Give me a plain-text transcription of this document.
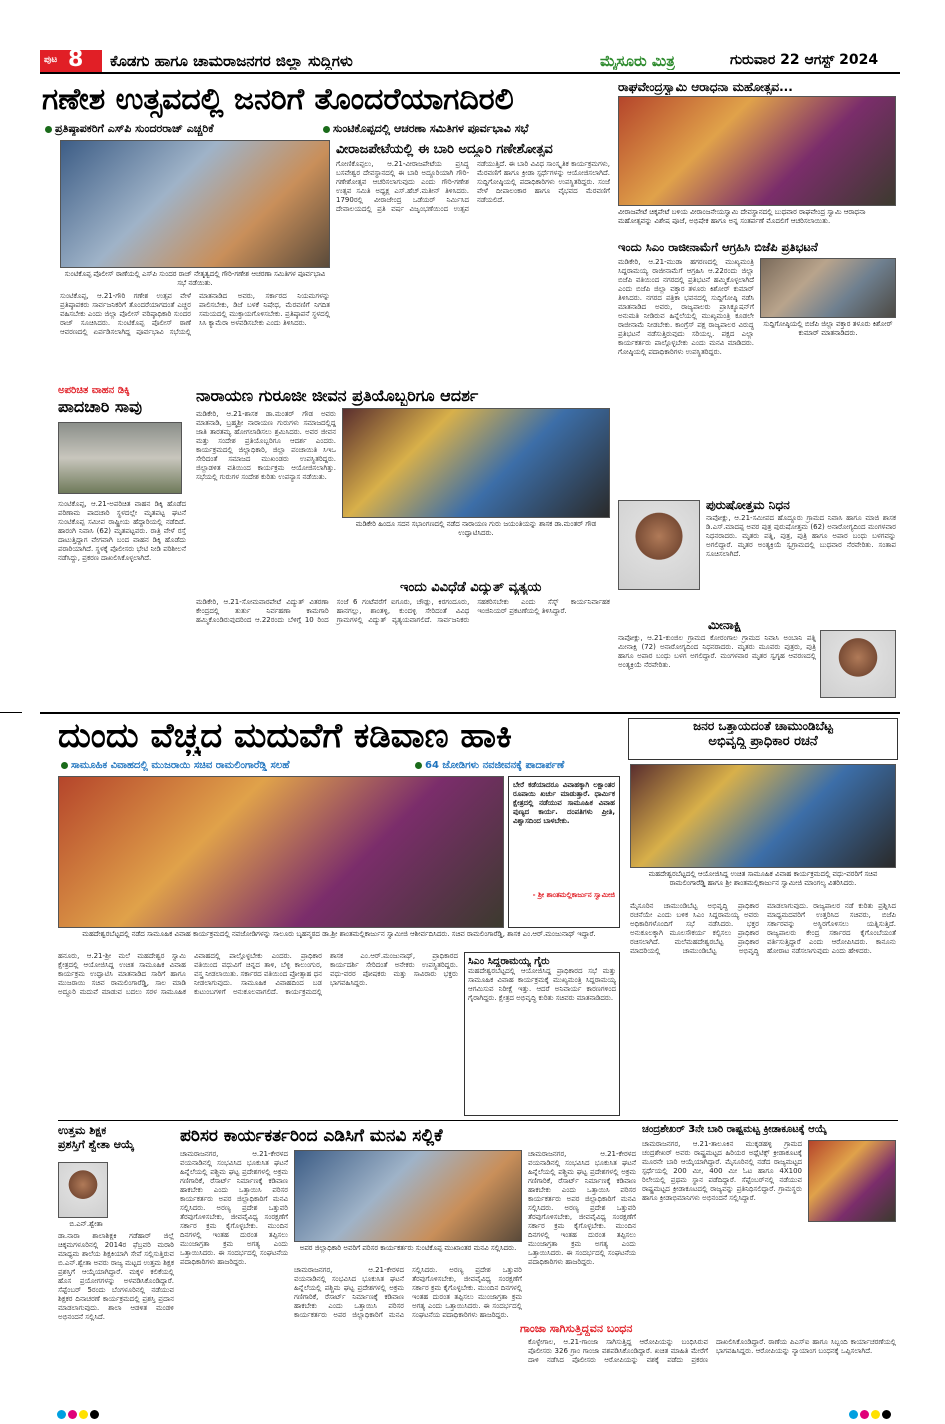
ಪುಟ 8 ಕೊಡಗು ಹಾಗೂ ಚಾಮರಾಜನಗರ ಜಿಲ್ಲಾ ಸುದ್ದಿಗಳು	ಮೈಸೂರು ಮಿತ್ರ	ಗುರುವಾರ 22 ಆಗಸ್ಟ್ 2024
ಗಣೇಶ ಉತ್ಸವದಲ್ಲಿ ಜನರಿಗೆ ತೊಂದರೆಯಾಗದಿರಲಿ
ಪ್ರತಿಷ್ಠಾಪಕರಿಗೆ ಎಸ್‌ಪಿ ಸುಂದರರಾಜ್ ಎಚ್ಚರಿಕೆ	ಸುಂಟಿಕೊಪ್ಪದಲ್ಲಿ ಆಚರಣಾ ಸಮಿತಿಗಳ ಪೂರ್ವಭಾವಿ ಸಭೆ
ಸುಂಟಿಕೊಪ್ಪ ಪೊಲೀಸ್ ಠಾಣೆಯಲ್ಲಿ ಎಸ್‌ಪಿ ಸುಂದರ ರಾಜ್ ನೇತೃತ್ವದಲ್ಲಿ ಗೌರಿ-ಗಣೇಶ ಆಚರಣಾ ಸಮಿತಿಗಳ ಪೂರ್ವಭಾವಿ ಸಭೆ ನಡೆಯಿತು.
ಸುಂಟಿಕೊಪ್ಪ, ಆ.21-ಗೌರಿ ಗಣೇಶ ಉತ್ಸವ ವೇಳೆ ಪ್ರತಿಷ್ಠಾಪಕರು ಸಾರ್ವಜನಿಕರಿಗೆ ತೊಂದರೆಯಾಗದಂತೆ ಎಚ್ಚರ ವಹಿಸಬೇಕು ಎಂದು ಜಿಲ್ಲಾ ಪೊಲೀಸ್ ವರಿಷ್ಠಾಧಿಕಾರಿ ಸುಂದರ ರಾಜ್ ಸೂಚಿಸಿದರು. ಸುಂಟಿಕೊಪ್ಪ ಪೊಲೀಸ್ ಠಾಣೆ ಆವರಣದಲ್ಲಿ ಏರ್ಪಡಿಸಲಾಗಿದ್ದ ಪೂರ್ವಭಾವಿ ಸಭೆಯಲ್ಲಿ ಮಾತನಾಡಿದ ಅವರು, ಸರ್ಕಾರದ ನಿಯಮಗಳನ್ನು ಪಾಲಿಸಬೇಕು, ಡಿಜೆ ಬಳಕೆ ನಿಷೇಧ, ಮೆರವಣಿಗೆ ನಿಗದಿತ ಸಮಯದಲ್ಲಿ ಮುಕ್ತಾಯಗೊಳಿಸಬೇಕು. ಪ್ರತಿಷ್ಠಾಪನೆ ಸ್ಥಳದಲ್ಲಿ ಸಿಸಿ ಕ್ಯಾಮೆರಾ ಅಳವಡಿಸಬೇಕು ಎಂದು ತಿಳಿಸಿದರು.
ವೀರಾಜಪೇಟೆಯಲ್ಲಿ ಈ ಬಾರಿ ಅದ್ದೂರಿ ಗಣೇಶೋತ್ಸವ
ಗೋಣಿಕೊಪ್ಪಲು, ಆ.21-ವೀರಾಜಪೇಟೆಯ ಪ್ರಸಿದ್ಧ ಬಸವೇಶ್ವರ ದೇವಸ್ಥಾನದಲ್ಲಿ ಈ ಬಾರಿ ಅದ್ದೂರಿಯಾಗಿ ಗೌರಿ-ಗಣೇಶೋತ್ಸವ ಆಚರಿಸಲಾಗುವುದು ಎಂದು ಗೌರಿ-ಗಣೇಶ ಉತ್ಸವ ಸಮಿತಿ ಅಧ್ಯಕ್ಷ ಎಸ್.ಹೆಚ್.ಮತೀನ್ ತಿಳಿಸಿದರು. 1790ರಲ್ಲಿ ವೀರಾಜೇಂದ್ರ ಒಡೆಯರ್ ನಿರ್ಮಿಸಿದ ದೇವಾಲಯದಲ್ಲಿ ಪ್ರತಿ ವರ್ಷ ವಿಜೃಂಭಣೆಯಿಂದ ಉತ್ಸವ ನಡೆಯುತ್ತಿದೆ. ಈ ಬಾರಿ ವಿವಿಧ ಸಾಂಸ್ಕೃತಿಕ ಕಾರ್ಯಕ್ರಮಗಳು, ಮೆರವಣಿಗೆ ಹಾಗೂ ಕ್ರೀಡಾ ಸ್ಪರ್ಧೆಗಳನ್ನು ಆಯೋಜಿಸಲಾಗಿದೆ. ಸುದ್ದಿಗೋಷ್ಠಿಯಲ್ಲಿ ಪದಾಧಿಕಾರಿಗಳು ಉಪಸ್ಥಿತರಿದ್ದರು. ಸಂಜೆ ವೇಳೆ ದೀಪಾಲಂಕಾರ ಹಾಗೂ ವೈಭವದ ಮೆರವಣಿಗೆ ನಡೆಯಲಿದೆ.
ರಾಘವೇಂದ್ರಸ್ವಾಮಿ ಆರಾಧನಾ ಮಹೋತ್ಸವ...
ವೀರಾಜಪೇಟೆ ಚಿಕ್ಕಪೇಟೆ ಬಳಿಯ ವೀರಾಂಜನೇಯಸ್ವಾಮಿ ದೇವಸ್ಥಾನದಲ್ಲಿ ಬುಧವಾರ ರಾಘವೇಂದ್ರ ಸ್ವಾಮಿ ಆರಾಧನಾ ಮಹೋತ್ಸವನ್ನು ವಿಶೇಷ ಪೂಜೆ, ಅಭಿಷೇಕ ಹಾಗೂ ಅನ್ನ ಸಂತರ್ಪಣೆ ಮೊದಲಿಗೆ ಆಚರಿಸಲಾಯಿತು.
ಇಂದು ಸಿಎಂ ರಾಜೀನಾಮೆಗೆ ಆಗ್ರಹಿಸಿ ಬಿಜೆಪಿ ಪ್ರತಿಭಟನೆ
ಸುದ್ದಿಗೋಷ್ಠಿಯಲ್ಲಿ ಬಿಜೆಪಿ ಜಿಲ್ಲಾ ವಕ್ತಾರ ತಳೂರು ಕಿಶೋರ್ ಕುಮಾರ್ ಮಾತನಾಡಿದರು.
ಮಡಿಕೇರಿ, ಆ.21-ಮುಡಾ ಹಗರಣದಲ್ಲಿ ಮುಖ್ಯಮಂತ್ರಿ ಸಿದ್ದರಾಮಯ್ಯ ರಾಜೀನಾಮೆಗೆ ಆಗ್ರಹಿಸಿ ಆ.22ರಂದು ಜಿಲ್ಲಾ ಬಿಜೆಪಿ ವತಿಯಿಂದ ನಗರದಲ್ಲಿ ಪ್ರತಿಭಟನೆ ಹಮ್ಮಿಕೊಳ್ಳಲಾಗಿದೆ ಎಂದು ಬಿಜೆಪಿ ಜಿಲ್ಲಾ ವಕ್ತಾರ ತಳೂರು ಕಿಶೋರ್ ಕುಮಾರ್ ತಿಳಿಸಿದರು. ನಗರದ ಪತ್ರಿಕಾ ಭವನದಲ್ಲಿ ಸುದ್ದಿಗೋಷ್ಠಿ ನಡೆಸಿ ಮಾತನಾಡಿದ ಅವರು, ರಾಜ್ಯಪಾಲರು ಪ್ರಾಸಿಕ್ಯೂಷನ್‌ಗೆ ಅನುಮತಿ ನೀಡಿರುವ ಹಿನ್ನೆಲೆಯಲ್ಲಿ ಮುಖ್ಯಮಂತ್ರಿ ಕೂಡಲೇ ರಾಜೀನಾಮೆ ನೀಡಬೇಕು. ಕಾಂಗ್ರೆಸ್ ಪಕ್ಷ ರಾಜ್ಯಪಾಲರ ವಿರುದ್ಧ ಪ್ರತಿಭಟನೆ ನಡೆಸುತ್ತಿರುವುದು ಸರಿಯಲ್ಲ. ಪಕ್ಷದ ಎಲ್ಲಾ ಕಾರ್ಯಕರ್ತರು ಪಾಲ್ಗೊಳ್ಳಬೇಕು ಎಂದು ಮನವಿ ಮಾಡಿದರು. ಗೋಷ್ಠಿಯಲ್ಲಿ ಪದಾಧಿಕಾರಿಗಳು ಉಪಸ್ಥಿತರಿದ್ದರು.
ಅಪರಿಚಿತ ವಾಹನ ಡಿಕ್ಕಿ
ಪಾದಚಾರಿ ಸಾವು
ಸುಂಟಿಕೊಪ್ಪ, ಆ.21-ಅಪರಿಚಿತ ವಾಹನ ಡಿಕ್ಕಿ ಹೊಡೆದ ಪರಿಣಾಮ ಪಾದಚಾರಿ ಸ್ಥಳದಲ್ಲೇ ಮೃತಪಟ್ಟ ಘಟನೆ ಸುಂಟಿಕೊಪ್ಪ ಸಮೀಪ ರಾಷ್ಟ್ರೀಯ ಹೆದ್ದಾರಿಯಲ್ಲಿ ನಡೆದಿದೆ. ಹಾರಂಗಿ ನಿವಾಸಿ (62) ಮೃತಪಟ್ಟವರು. ರಾತ್ರಿ ವೇಳೆ ರಸ್ತೆ ದಾಟುತ್ತಿದ್ದಾಗ ವೇಗವಾಗಿ ಬಂದ ವಾಹನ ಡಿಕ್ಕಿ ಹೊಡೆದು ಪರಾರಿಯಾಗಿದೆ. ಸ್ಥಳಕ್ಕೆ ಪೊಲೀಸರು ಭೇಟಿ ನೀಡಿ ಪರಿಶೀಲನೆ ನಡೆಸಿದ್ದು, ಪ್ರಕರಣ ದಾಖಲಿಸಿಕೊಳ್ಳಲಾಗಿದೆ.
ನಾರಾಯಣ ಗುರೂಜೀ ಜೀವನ ಪ್ರತಿಯೊಬ್ಬರಿಗೂ ಆದರ್ಶ
ಮಡಿಕೇರಿ, ಆ.21-ಶಾಸಕ ಡಾ.ಮಂತರ್ ಗೌಡ ಅವರು ಮಾತನಾಡಿ, ಬ್ರಹ್ಮಶ್ರೀ ನಾರಾಯಣ ಗುರುಗಳು ಸಮಾಜದಲ್ಲಿದ್ದ ಜಾತಿ ತಾರತಮ್ಯ ಹೋಗಲಾಡಿಸಲು ಶ್ರಮಿಸಿದರು. ಅವರ ಜೀವನ ಮತ್ತು ಸಂದೇಶ ಪ್ರತಿಯೊಬ್ಬರಿಗೂ ಆದರ್ಶ ಎಂದರು. ಕಾರ್ಯಕ್ರಮದಲ್ಲಿ ಜಿಲ್ಲಾಧಿಕಾರಿ, ಜಿಲ್ಲಾ ಪಂಚಾಯಿತಿ ಸಿಇಒ ಸೇರಿದಂತೆ ಸಮಾಜದ ಮುಖಂಡರು ಉಪಸ್ಥಿತರಿದ್ದರು. ಜಿಲ್ಲಾಡಳಿತ ವತಿಯಿಂದ ಕಾರ್ಯಕ್ರಮ ಆಯೋಜಿಸಲಾಗಿತ್ತು. ಸಭೆಯಲ್ಲಿ ಗುರುಗಳ ಸಂದೇಶ ಕುರಿತು ಉಪನ್ಯಾಸ ನಡೆಯಿತು.
ಮಡಿಕೇರಿ ಹಿಂದೂ ಸದನ ಸಭಾಂಗಣದಲ್ಲಿ ನಡೆದ ನಾರಾಯಣ ಗುರು ಜಯಂತಿಯನ್ನು ಶಾಸಕ ಡಾ.ಮಂತರ್ ಗೌಡ ಉದ್ಘಾಟಿಸಿದರು.
ಇಂದು ವಿವಿಧೆಡೆ ವಿದ್ಯುತ್ ವ್ಯತ್ಯಯ
ಮಡಿಕೇರಿ, ಆ.21-ಸೋಮವಾರಪೇಟೆ ವಿದ್ಯುತ್ ವಿತರಣಾ ಕೇಂದ್ರದಲ್ಲಿ ತುರ್ತು ನಿರ್ವಹಣಾ ಕಾಮಗಾರಿ ಹಮ್ಮಿಕೊಂಡಿರುವುದರಿಂದ ಆ.22ರಂದು ಬೆಳಿಗ್ಗೆ 10 ರಿಂದ ಸಂಜೆ 6 ಗಂಟೆವರೆಗೆ ಐಗೂರು, ಚೌಡ್ಲು, ಕಿರಗಂದೂರು, ಹಾನಗಲ್ಲು, ಶಾಂತಳ್ಳಿ, ಕುಂದಳ್ಳಿ ಸೇರಿದಂತೆ ವಿವಿಧ ಗ್ರಾಮಗಳಲ್ಲಿ ವಿದ್ಯುತ್ ವ್ಯತ್ಯಯವಾಗಲಿದೆ. ಸಾರ್ವಜನಿಕರು ಸಹಕರಿಸಬೇಕು ಎಂದು ಸೆಸ್ಕ್ ಕಾರ್ಯನಿರ್ವಾಹಕ ಇಂಜಿನಿಯರ್ ಪ್ರಕಟಣೆಯಲ್ಲಿ ತಿಳಿಸಿದ್ದಾರೆ.
ಪುರುಷೋತ್ತಮ ನಿಧನ
ನಾಪೋಕ್ಲು, ಆ.21-ಸಮೀಪದ ಹೊದ್ದೂರು ಗ್ರಾಮದ ನಿವಾಸಿ ಹಾಗೂ ಮಾಜಿ ಶಾಸಕ ಡಿ.ಎಸ್.ಮಾದಪ್ಪ ಅವರ ಪುತ್ರ ಪುರುಷೋತ್ತಮ (62) ಅನಾರೋಗ್ಯದಿಂದ ಮಂಗಳವಾರ ನಿಧನರಾದರು. ಮೃತರು ಪತ್ನಿ, ಪುತ್ರ, ಪುತ್ರಿ ಹಾಗೂ ಅಪಾರ ಬಂಧು ಬಳಗವನ್ನು ಅಗಲಿದ್ದಾರೆ. ಮೃತರ ಅಂತ್ಯಕ್ರಿಯೆ ಸ್ವಗ್ರಾಮದಲ್ಲಿ ಬುಧವಾರ ನೆರವೇರಿತು. ಸಂತಾಪ ಸೂಚಿಸಲಾಗಿದೆ.
ಮೀನಾಕ್ಷಿ
ನಾಪೋಕ್ಲು, ಆ.21-ಕುಂಜಿಲ ಗ್ರಾಮದ ಕೋರಂಗಾಲ ಗ್ರಾಮದ ನಿವಾಸಿ ಅಂಬಾನಿ ಪತ್ನಿ ಮೀನಾಕ್ಷಿ (72) ಅನಾರೋಗ್ಯದಿಂದ ನಿಧನರಾದರು. ಮೃತರು ಮೂವರು ಪುತ್ರರು, ಪುತ್ರಿ ಹಾಗೂ ಅಪಾರ ಬಂಧು ಬಳಗ ಅಗಲಿದ್ದಾರೆ. ಮಂಗಳವಾರ ಮೃತರ ಸ್ವಗೃಹ ಆವರಣದಲ್ಲಿ ಅಂತ್ಯಕ್ರಿಯೆ ನೆರವೇರಿತು.
ದುಂದು ವೆಚ್ಚದ ಮದುವೆಗೆ ಕಡಿವಾಣ ಹಾಕಿ
ಸಾಮೂಹಿಕ ವಿವಾಹದಲ್ಲಿ ಮುಜರಾಯಿ ಸಚಿವ ರಾಮಲಿಂಗಾರೆಡ್ಡಿ ಸಲಹೆ	64 ಜೋಡಿಗಳು ನವಜೀವನಕ್ಕೆ ಪಾದಾರ್ಪಣೆ
ಬೇರೆ ಕಡೆಯಾದರೂ ವಿವಾಹಕ್ಕಾಗಿ ಲಕ್ಷಾಂತರ ರೂಪಾಯಿ ಖರ್ಚು ಮಾಡುತ್ತಾರೆ. ಧಾರ್ಮಿಕ ಕ್ಷೇತ್ರದಲ್ಲಿ ನಡೆಯುವ ಸಾಮೂಹಿಕ ವಿವಾಹ ಪುಣ್ಯದ ಕಾರ್ಯ. ದಂಪತಿಗಳು ಪ್ರೀತಿ, ವಿಶ್ವಾಸದಿಂದ ಬಾಳಬೇಕು.
- ಶ್ರೀ ಶಾಂತಮಲ್ಲಿಕಾರ್ಜುನ ಸ್ವಾಮೀಜಿ
ಮಹದೇಶ್ವರಬೆಟ್ಟದಲ್ಲಿ ನಡೆದ ಸಾಮೂಹಿಕ ವಿವಾಹ ಕಾರ್ಯಕ್ರಮದಲ್ಲಿ ನವಜೋಡಿಗಳನ್ನು ಸಾಲೂರು ಬೃಹನ್ಮಠದ ಡಾ.ಶ್ರೀ ಶಾಂತಮಲ್ಲಿಕಾರ್ಜುನ ಸ್ವಾಮೀಜಿ ಆಶೀರ್ವದಿಸಿದರು. ಸಚಿವ ರಾಮಲಿಂಗಾರೆಡ್ಡಿ, ಶಾಸಕ ಎಂ.ಆರ್.ಮಂಜುನಾಥ್ ಇದ್ದಾರೆ.
ಹನೂರು, ಆ.21-ಶ್ರೀ ಮಲೆ ಮಹದೇಶ್ವರ ಸ್ವಾಮಿ ಕ್ಷೇತ್ರದಲ್ಲಿ ಆಯೋಜಿಸಿದ್ದ ಉಚಿತ ಸಾಮೂಹಿಕ ವಿವಾಹ ಕಾರ್ಯಕ್ರಮ ಉದ್ಘಾಟಿಸಿ ಮಾತನಾಡಿದ ಸಾರಿಗೆ ಹಾಗೂ ಮುಜರಾಯಿ ಸಚಿವ ರಾಮಲಿಂಗಾರೆಡ್ಡಿ, ಸಾಲ ಮಾಡಿ ಅದ್ದೂರಿ ಮದುವೆ ಮಾಡುವ ಬದಲು ಸರಳ ಸಾಮೂಹಿಕ ವಿವಾಹದಲ್ಲಿ ಪಾಲ್ಗೊಳ್ಳಬೇಕು ಎಂದರು. ಪ್ರಾಧಿಕಾರ ವತಿಯಿಂದ ವಧುವಿಗೆ ಚಿನ್ನದ ತಾಳಿ, ಬೆಳ್ಳಿ ಕಾಲುಂಗುರ, ವಸ್ತ್ರ ನೀಡಲಾಯಿತು. ಸರ್ಕಾರದ ವತಿಯಿಂದ ಪ್ರೋತ್ಸಾಹ ಧನ ನೀಡಲಾಗುವುದು. ಸಾಮೂಹಿಕ ವಿವಾಹದಿಂದ ಬಡ ಕುಟುಂಬಗಳಿಗೆ ಅನುಕೂಲವಾಗಲಿದೆ. ಕಾರ್ಯಕ್ರಮದಲ್ಲಿ ಶಾಸಕ ಎಂ.ಆರ್.ಮಂಜುನಾಥ್, ಪ್ರಾಧಿಕಾರದ ಕಾರ್ಯದರ್ಶಿ ಸೇರಿದಂತೆ ಅನೇಕರು ಉಪಸ್ಥಿತರಿದ್ದರು. ವಧು-ವರರ ಪೋಷಕರು ಮತ್ತು ಸಾವಿರಾರು ಭಕ್ತರು ಭಾಗವಹಿಸಿದ್ದರು.
ಸಿಎಂ ಸಿದ್ದರಾಮಯ್ಯ ಗೈರು
ಮಹದೇಶ್ವರಬೆಟ್ಟದಲ್ಲಿ ಆಯೋಜಿಸಿದ್ದ ಪ್ರಾಧಿಕಾರದ ಸಭೆ ಮತ್ತು ಸಾಮೂಹಿಕ ವಿವಾಹ ಕಾರ್ಯಕ್ರಮಕ್ಕೆ ಮುಖ್ಯಮಂತ್ರಿ ಸಿದ್ದರಾಮಯ್ಯ ಆಗಮಿಸುವ ನಿರೀಕ್ಷೆ ಇತ್ತು. ಆದರೆ ಅನಿವಾರ್ಯ ಕಾರಣಗಳಿಂದ ಗೈರಾಗಿದ್ದರು. ಕ್ಷೇತ್ರದ ಅಭಿವೃದ್ಧಿ ಕುರಿತು ಸಚಿವರು ಮಾತನಾಡಿದರು.
ಜನರ ಒತ್ತಾಯದಂತೆ ಚಾಮುಂಡಿಬೆಟ್ಟ
ಅಭಿವೃದ್ಧಿ ಪ್ರಾಧಿಕಾರ ರಚನೆ
ಮಹದೇಶ್ವರಬೆಟ್ಟದಲ್ಲಿ ಆಯೋಜಿಸಿದ್ದ ಉಚಿತ ಸಾಮೂಹಿಕ ವಿವಾಹ ಕಾರ್ಯಕ್ರಮದಲ್ಲಿ ವಧು-ವರರಿಗೆ ಸಚಿವ ರಾಮಲಿಂಗಾರೆಡ್ಡಿ ಹಾಗೂ ಶ್ರೀ ಶಾಂತಮಲ್ಲಿಕಾರ್ಜುನ ಸ್ವಾಮೀಜಿ ಮಾಂಗಲ್ಯ ವಿತರಿಸಿದರು.
ಮೈಸೂರಿನ ಚಾಮುಂಡಿಬೆಟ್ಟ ಅಭಿವೃದ್ಧಿ ಪ್ರಾಧಿಕಾರ ರಚನೆಯೇ ಎಂದು ಬಳಿಕ ಸಿಎಂ ಸಿದ್ದರಾಮಯ್ಯ ಅವರು ಅಧಿಕಾರಿಗಳೊಂದಿಗೆ ಸಭೆ ನಡೆಸಿದರು. ಭಕ್ತರ ಅನುಕೂಲಕ್ಕಾಗಿ ಮೂಲಸೌಕರ್ಯ ಕಲ್ಪಿಸಲು ಪ್ರಾಧಿಕಾರ ರಚಿಸಲಾಗಿದೆ. ಮಲೆಮಹದೇಶ್ವರಬೆಟ್ಟ ಪ್ರಾಧಿಕಾರ ಮಾದರಿಯಲ್ಲಿ ಚಾಮುಂಡಿಬೆಟ್ಟ ಅಭಿವೃದ್ಧಿ ಮಾಡಲಾಗುವುದು. ರಾಜ್ಯಪಾಲರ ನಡೆ ಕುರಿತು ಪ್ರಶ್ನಿಸಿದ ಮಾಧ್ಯಮದವರಿಗೆ ಉತ್ತರಿಸಿದ ಸಚಿವರು, ಬಿಜೆಪಿ ಸರ್ಕಾರವನ್ನು ಅಸ್ಥಿರಗೊಳಿಸಲು ಯತ್ನಿಸುತ್ತಿದೆ. ರಾಜ್ಯಪಾಲರು ಕೇಂದ್ರ ಸರ್ಕಾರದ ಕೈಗೊಂಬೆಯಂತೆ ವರ್ತಿಸುತ್ತಿದ್ದಾರೆ ಎಂದು ಆರೋಪಿಸಿದರು. ಕಾನೂನು ಹೋರಾಟ ನಡೆಸಲಾಗುವುದು ಎಂದು ಹೇಳಿದರು.
ಉತ್ತಮ ಶಿಕ್ಷಕ
ಪ್ರಶಸ್ತಿಗೆ ಶ್ವೇತಾ ಆಯ್ಕೆ
ಬಿ.ಎನ್.ಶ್ವೇತಾ
ಡಾ.ನಾರಾ ಶಾಲಾಶಿಕ್ಷಕಿ ಗಡೆಹಾರ್ ಜಿಲ್ಲೆ ಚಿಕ್ಕಮಗಳೂರಿನಲ್ಲಿ 2014ರ ಫೆಬ್ರವರಿ ಮರಾಠಿ ಮಾಧ್ಯಮ ಶಾಲೆಯ ಶಿಕ್ಷಕಿಯಾಗಿ ಸೇವೆ ಸಲ್ಲಿಸುತ್ತಿರುವ ಬಿ.ಎನ್.ಶ್ವೇತಾ ಅವರು ರಾಜ್ಯ ಮಟ್ಟದ ಉತ್ತಮ ಶಿಕ್ಷಕ ಪ್ರಶಸ್ತಿಗೆ ಆಯ್ಕೆಯಾಗಿದ್ದಾರೆ. ಮಕ್ಕಳ ಕಲಿಕೆಯಲ್ಲಿ ಹೊಸ ಪ್ರಯೋಗಗಳನ್ನು ಅಳವಡಿಸಿಕೊಂಡಿದ್ದಾರೆ. ಸೆಪ್ಟೆಂಬರ್ 5ರಂದು ಬೆಂಗಳೂರಿನಲ್ಲಿ ನಡೆಯುವ ಶಿಕ್ಷಕರ ದಿನಾಚರಣೆ ಕಾರ್ಯಕ್ರಮದಲ್ಲಿ ಪ್ರಶಸ್ತಿ ಪ್ರದಾನ ಮಾಡಲಾಗುವುದು. ಶಾಲಾ ಆಡಳಿತ ಮಂಡಳಿ ಅಭಿನಂದನೆ ಸಲ್ಲಿಸಿದೆ.
ಪರಿಸರ ಕಾರ್ಯಕರ್ತರಿಂದ ಎಡಿಸಿಗೆ ಮನವಿ ಸಲ್ಲಿಕೆ
ಚಾಮರಾಜನಗರ, ಆ.21-ಕೇರಳದ ವಯನಾಡಿನಲ್ಲಿ ಸಂಭವಿಸಿದ ಭೂಕುಸಿತ ಘಟನೆ ಹಿನ್ನೆಲೆಯಲ್ಲಿ ಪಶ್ಚಿಮ ಘಟ್ಟ ಪ್ರದೇಶಗಳಲ್ಲಿ ಅಕ್ರಮ ಗಣಿಗಾರಿಕೆ, ರೆಸಾರ್ಟ್ ನಿರ್ಮಾಣಕ್ಕೆ ಕಡಿವಾಣ ಹಾಕಬೇಕು ಎಂದು ಒತ್ತಾಯಿಸಿ ಪರಿಸರ ಕಾರ್ಯಕರ್ತರು ಅಪರ ಜಿಲ್ಲಾಧಿಕಾರಿಗೆ ಮನವಿ ಸಲ್ಲಿಸಿದರು. ಅರಣ್ಯ ಪ್ರದೇಶ ಒತ್ತುವರಿ ತೆರವುಗೊಳಿಸಬೇಕು, ಜೀವವೈವಿಧ್ಯ ಸಂರಕ್ಷಣೆಗೆ ಸರ್ಕಾರ ಕ್ರಮ ಕೈಗೊಳ್ಳಬೇಕು. ಮುಂದಿನ ದಿನಗಳಲ್ಲಿ ಇಂತಹ ದುರಂತ ತಪ್ಪಿಸಲು ಮುಂಜಾಗ್ರತಾ ಕ್ರಮ ಅಗತ್ಯ ಎಂದು ಒತ್ತಾಯಿಸಿದರು. ಈ ಸಂದರ್ಭದಲ್ಲಿ ಸಂಘಟನೆಯ ಪದಾಧಿಕಾರಿಗಳು ಹಾಜರಿದ್ದರು.
ಅಪರ ಜಿಲ್ಲಾಧಿಕಾರಿ ಅವರಿಗೆ ಪರಿಸರ ಕಾರ್ಯಕರ್ತರು ಸುಂಟಿಕೊಪ್ಪ ಮುಖಾಂತರ ಮನವಿ ಸಲ್ಲಿಸಿದರು.
ಚಾಮರಾಜನಗರ, ಆ.21-ಕೇರಳದ ವಯನಾಡಿನಲ್ಲಿ ಸಂಭವಿಸಿದ ಭೂಕುಸಿತ ಘಟನೆ ಹಿನ್ನೆಲೆಯಲ್ಲಿ ಪಶ್ಚಿಮ ಘಟ್ಟ ಪ್ರದೇಶಗಳಲ್ಲಿ ಅಕ್ರಮ ಗಣಿಗಾರಿಕೆ, ರೆಸಾರ್ಟ್ ನಿರ್ಮಾಣಕ್ಕೆ ಕಡಿವಾಣ ಹಾಕಬೇಕು ಎಂದು ಒತ್ತಾಯಿಸಿ ಪರಿಸರ ಕಾರ್ಯಕರ್ತರು ಅಪರ ಜಿಲ್ಲಾಧಿಕಾರಿಗೆ ಮನವಿ ಸಲ್ಲಿಸಿದರು. ಅರಣ್ಯ ಪ್ರದೇಶ ಒತ್ತುವರಿ ತೆರವುಗೊಳಿಸಬೇಕು, ಜೀವವೈವಿಧ್ಯ ಸಂರಕ್ಷಣೆಗೆ ಸರ್ಕಾರ ಕ್ರಮ ಕೈಗೊಳ್ಳಬೇಕು. ಮುಂದಿನ ದಿನಗಳಲ್ಲಿ ಇಂತಹ ದುರಂತ ತಪ್ಪಿಸಲು ಮುಂಜಾಗ್ರತಾ ಕ್ರಮ ಅಗತ್ಯ ಎಂದು ಒತ್ತಾಯಿಸಿದರು. ಈ ಸಂದರ್ಭದಲ್ಲಿ ಸಂಘಟನೆಯ ಪದಾಧಿಕಾರಿಗಳು ಹಾಜರಿದ್ದರು.
ಚಾಮರಾಜನಗರ, ಆ.21-ಕೇರಳದ ವಯನಾಡಿನಲ್ಲಿ ಸಂಭವಿಸಿದ ಭೂಕುಸಿತ ಘಟನೆ ಹಿನ್ನೆಲೆಯಲ್ಲಿ ಪಶ್ಚಿಮ ಘಟ್ಟ ಪ್ರದೇಶಗಳಲ್ಲಿ ಅಕ್ರಮ ಗಣಿಗಾರಿಕೆ, ರೆಸಾರ್ಟ್ ನಿರ್ಮಾಣಕ್ಕೆ ಕಡಿವಾಣ ಹಾಕಬೇಕು ಎಂದು ಒತ್ತಾಯಿಸಿ ಪರಿಸರ ಕಾರ್ಯಕರ್ತರು ಅಪರ ಜಿಲ್ಲಾಧಿಕಾರಿಗೆ ಮನವಿ ಸಲ್ಲಿಸಿದರು. ಅರಣ್ಯ ಪ್ರದೇಶ ಒತ್ತುವರಿ ತೆರವುಗೊಳಿಸಬೇಕು, ಜೀವವೈವಿಧ್ಯ ಸಂರಕ್ಷಣೆಗೆ ಸರ್ಕಾರ ಕ್ರಮ ಕೈಗೊಳ್ಳಬೇಕು. ಮುಂದಿನ ದಿನಗಳಲ್ಲಿ ಇಂತಹ ದುರಂತ ತಪ್ಪಿಸಲು ಮುಂಜಾಗ್ರತಾ ಕ್ರಮ ಅಗತ್ಯ ಎಂದು ಒತ್ತಾಯಿಸಿದರು. ಈ ಸಂದರ್ಭದಲ್ಲಿ ಸಂಘಟನೆಯ ಪದಾಧಿಕಾರಿಗಳು ಹಾಜರಿದ್ದರು.
ಚಂದ್ರಶೇಖರ್ 3ನೇ ಬಾರಿ ರಾಷ್ಟ್ರಮಟ್ಟ ಕ್ರೀಡಾಕೂಟಕ್ಕೆ ಆಯ್ಕೆ
ಚಾಮರಾಜನಗರ, ಆ.21-ತಾಲೂಕಿನ ಮುಕ್ಕಡಹಳ್ಳಿ ಗ್ರಾಮದ ಚಂದ್ರಶೇಖರ್ ಅವರು ರಾಷ್ಟ್ರಮಟ್ಟದ ಹಿರಿಯರ ಅಥ್ಲೆಟಿಕ್ಸ್ ಕ್ರೀಡಾಕೂಟಕ್ಕೆ ಮೂರನೇ ಬಾರಿ ಆಯ್ಕೆಯಾಗಿದ್ದಾರೆ. ಮೈಸೂರಿನಲ್ಲಿ ನಡೆದ ರಾಜ್ಯಮಟ್ಟದ ಸ್ಪರ್ಧೆಯಲ್ಲಿ 200 ಮೀ, 400 ಮೀ ಓಟ ಹಾಗೂ 4X100 ರಿಲೇಯಲ್ಲಿ ಪ್ರಥಮ ಸ್ಥಾನ ಪಡೆದಿದ್ದಾರೆ. ಸೆಪ್ಟೆಂಬರ್‌ನಲ್ಲಿ ನಡೆಯುವ ರಾಷ್ಟ್ರಮಟ್ಟದ ಕ್ರೀಡಾಕೂಟದಲ್ಲಿ ರಾಜ್ಯವನ್ನು ಪ್ರತಿನಿಧಿಸಲಿದ್ದಾರೆ. ಗ್ರಾಮಸ್ಥರು ಹಾಗೂ ಕ್ರೀಡಾಭಿಮಾನಿಗಳು ಅಭಿನಂದನೆ ಸಲ್ಲಿಸಿದ್ದಾರೆ.
ಗಾಂಜಾ ಸಾಗಿಸುತ್ತಿದ್ದವನ ಬಂಧನ
ಕೊಳ್ಳೇಗಾಲ, ಆ.21-ಗಾಂಜಾ ಸಾಗಿಸುತ್ತಿದ್ದ ಆರೋಪಿಯನ್ನು ಬಂಧಿಸಿರುವ ಪೊಲೀಸರು 326 ಗ್ರಾಂ ಗಾಂಜಾ ವಶಪಡಿಸಿಕೊಂಡಿದ್ದಾರೆ. ಖಚಿತ ಮಾಹಿತಿ ಮೇರೆಗೆ ದಾಳಿ ನಡೆಸಿದ ಪೊಲೀಸರು ಆರೋಪಿಯನ್ನು ವಶಕ್ಕೆ ಪಡೆದು ಪ್ರಕರಣ ದಾಖಲಿಸಿಕೊಂಡಿದ್ದಾರೆ. ಠಾಣೆಯ ಪಿಎಸ್‌ಐ ಹಾಗೂ ಸಿಬ್ಬಂದಿ ಕಾರ್ಯಾಚರಣೆಯಲ್ಲಿ ಭಾಗವಹಿಸಿದ್ದರು. ಆರೋಪಿಯನ್ನು ನ್ಯಾಯಾಂಗ ಬಂಧನಕ್ಕೆ ಒಪ್ಪಿಸಲಾಗಿದೆ.
